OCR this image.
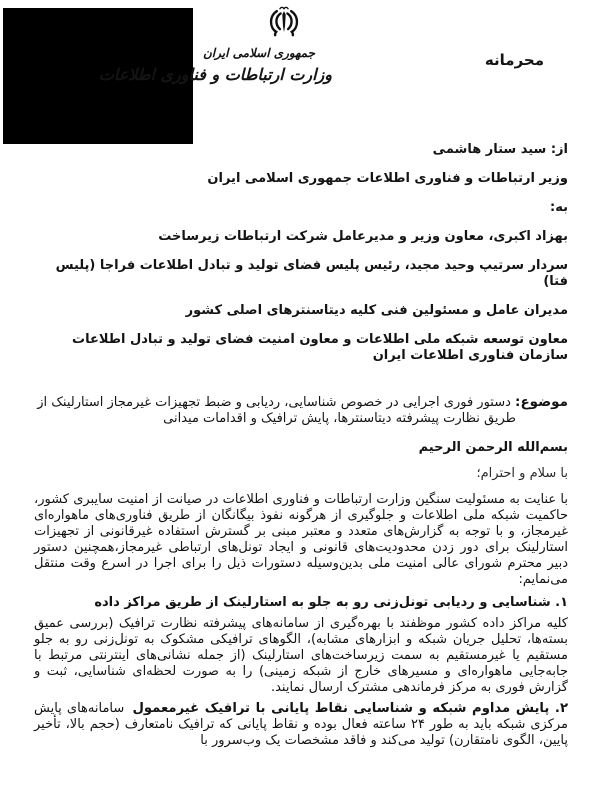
جمهوری اسلامی ایران
وزارت ارتباطات و فناوری اطلاعات
محرمانه

از: سید ستار هاشمی

وزیر ارتباطات و فناوری اطلاعات جمهوری اسلامی ایران

به:

بهزاد اکبری، معاون وزیر و مدیرعامل شرکت ارتباطات زیرساخت

سردار سرتیپ وحید مجید، رئیس پلیس فضای تولید و تبادل اطلاعات فراجا (پلیس فتا)

مدیران عامل و مسئولین فنی کلیه دیتاسنترهای اصلی کشور

معاون توسعه شبکه ملی اطلاعات و معاون امنیت فضای تولید و تبادل اطلاعات سازمان فناوری اطلاعات ایران

موضوع: دستور فوری اجرایی در خصوص شناسایی، ردیابی و ضبط تجهیزات غیرمجاز استارلینک از طریق نظارت پیشرفته دیتاسنترها، پایش ترافیک و اقدامات میدانی

بسم‌الله الرحمن الرحیم

با سلام و احترام؛

با عنایت به مسئولیت سنگین وزارت ارتباطات و فناوری اطلاعات در صیانت از امنیت سایبری کشور، حاکمیت شبکه ملی اطلاعات و جلوگیری از هرگونه نفوذ بیگانگان از طریق فناوری‌های ماهواره‌ای غیرمجاز، و با توجه به گزارش‌های متعدد و معتبر مبنی بر گسترش استفاده غیرقانونی از تجهیزات استارلینک برای دور زدن محدودیت‌های قانونی و ایجاد تونل‌های ارتباطی غیرمجاز،همچنین دستور دبیر محترم شورای عالی امنیت ملی بدین‌وسیله دستورات ذیل را برای اجرا در اسرع وقت منتقل می‌نمایم:

۱. شناسایی و ردیابی تونل‌زنی رو به جلو به استارلینک از طریق مراکز داده

کلیه مراکز داده کشور موظفند با بهره‌گیری از سامانه‌های پیشرفته نظارت ترافیک (بررسی عمیق بسته‌ها، تحلیل جریان شبکه و ابزارهای مشابه)، الگوهای ترافیکی مشکوک به تونل‌زنی رو به جلو مستقیم یا غیرمستقیم به سمت زیرساخت‌های استارلینک (از جمله نشانی‌های اینترنتی مرتبط با جابه‌جایی ماهواره‌ای و مسیرهای خارج از شبکه زمینی) را به صورت لحظه‌ای شناسایی، ثبت و گزارش فوری به مرکز فرماندهی مشترک ارسال نمایند.

۲. پایش مداوم شبکه و شناسایی نقاط پایانی با ترافیک غیرمعمول سامانه‌های پایش مرکزی شبکه باید به طور ۲۴ ساعته فعال بوده و نقاط پایانی که ترافیک نامتعارف (حجم بالا، تأخیر پایین، الگوی نامتقارن) تولید می‌کند و فاقد مشخصات یک وب‌سرور با
